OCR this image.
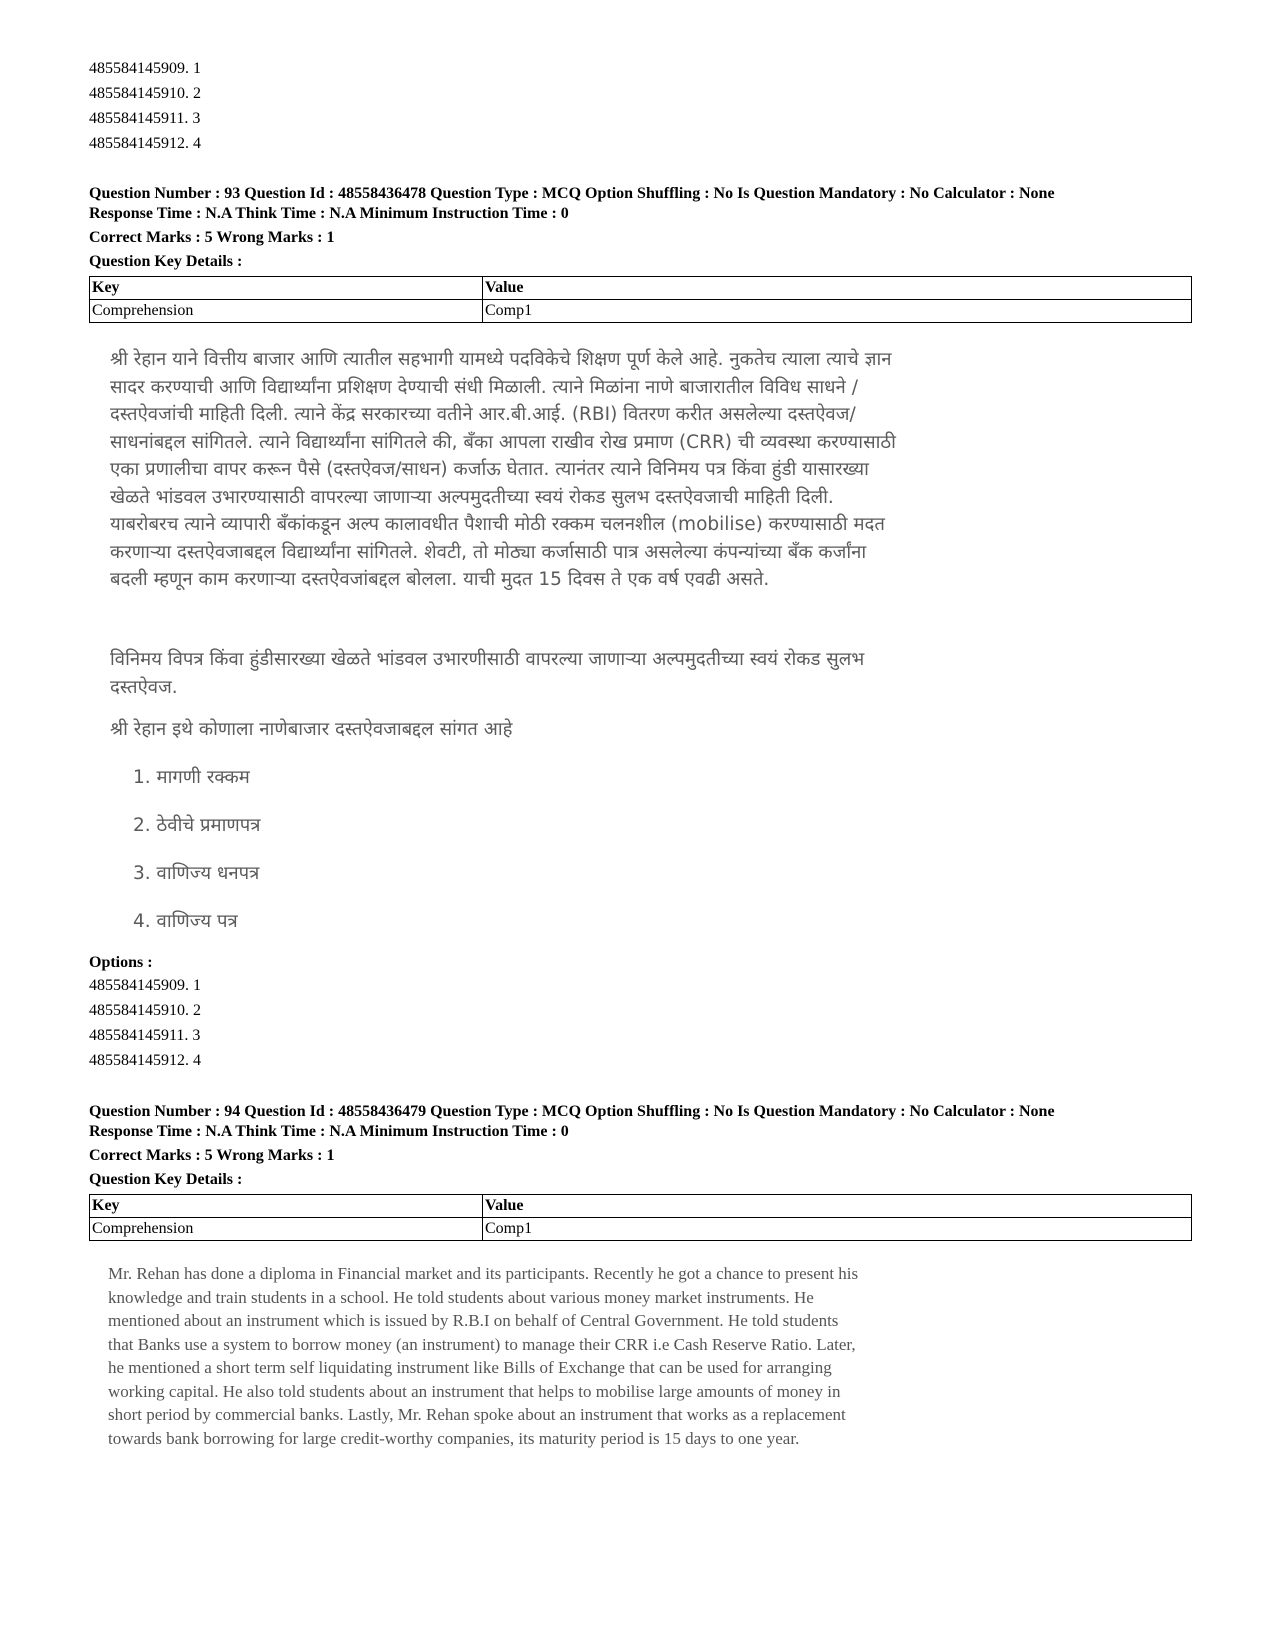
485584145909. 1
485584145910. 2
485584145911. 3
485584145912. 4
Question Number : 93 Question Id : 48558436478 Question Type : MCQ Option Shuffling : No Is Question Mandatory : No Calculator : None
Response Time : N.A Think Time : N.A Minimum Instruction Time : 0
Correct Marks : 5 Wrong Marks : 1
Question Key Details :
Key	Value
Comprehension	Comp1
श्री रेहान याने वित्तीय बाजार आणि त्यातील सहभागी यामध्ये पदविकेचे शिक्षण पूर्ण केले आहे. नुकतेच त्याला त्याचे ज्ञान
सादर करण्याची आणि विद्यार्थ्यांना प्रशिक्षण देण्याची संधी मिळाली. त्याने मिळांना नाणे बाजारातील विविध साधने /
दस्तऐवजांची माहिती दिली. त्याने केंद्र सरकारच्या वतीने आर.बी.आई. (RBI) वितरण करीत असलेल्या दस्तऐवज/
साधनांबद्दल सांगितले. त्याने विद्यार्थ्यांना सांगितले की, बँका आपला राखीव रोख प्रमाण (CRR) ची व्यवस्था करण्यासाठी
एका प्रणालीचा वापर करून पैसे (दस्तऐवज/साधन) कर्जाऊ घेतात. त्यानंतर त्याने विनिमय पत्र किंवा हुंडी यासारख्या
खेळते भांडवल उभारण्यासाठी वापरल्या जाणाऱ्या अल्पमुदतीच्या स्वयं रोकड सुलभ दस्तऐवजाची माहिती दिली.
याबरोबरच त्याने व्यापारी बँकांकडून अल्प कालावधीत पैशाची मोठी रक्कम चलनशील (mobilise) करण्यासाठी मदत
करणाऱ्या दस्तऐवजाबद्दल विद्यार्थ्यांना सांगितले. शेवटी, तो मोठ्या कर्जासाठी पात्र असलेल्या कंपन्यांच्या बँक कर्जांना
बदली म्हणून काम करणाऱ्या दस्तऐवजांबद्दल बोलला. याची मुदत 15 दिवस ते एक वर्ष एवढी असते.
विनिमय विपत्र किंवा हुंडीसारख्या खेळते भांडवल उभारणीसाठी वापरल्या जाणाऱ्या अल्पमुदतीच्या स्वयं रोकड सुलभ
दस्तऐवज.
श्री रेहान इथे कोणाला नाणेबाजार दस्तऐवजाबद्दल सांगत आहे
1. मागणी रक्कम
2. ठेवीचे प्रमाणपत्र
3. वाणिज्य धनपत्र
4. वाणिज्य पत्र
Options :
485584145909. 1
485584145910. 2
485584145911. 3
485584145912. 4
Question Number : 94 Question Id : 48558436479 Question Type : MCQ Option Shuffling : No Is Question Mandatory : No Calculator : None
Response Time : N.A Think Time : N.A Minimum Instruction Time : 0
Correct Marks : 5 Wrong Marks : 1
Question Key Details :
Key	Value
Comprehension	Comp1
Mr. Rehan has done a diploma in Financial market and its participants. Recently he got a chance to present his
knowledge and train students in a school. He told students about various money market instruments. He
mentioned about an instrument which is issued by R.B.I on behalf of Central Government. He told students
that Banks use a system to borrow money (an instrument) to manage their CRR i.e Cash Reserve Ratio. Later,
he mentioned a short term self liquidating instrument like Bills of Exchange that can be used for arranging
working capital. He also told students about an instrument that helps to mobilise large amounts of money in
short period by commercial banks. Lastly, Mr. Rehan spoke about an instrument that works as a replacement
towards bank borrowing for large credit-worthy companies, its maturity period is 15 days to one year.
